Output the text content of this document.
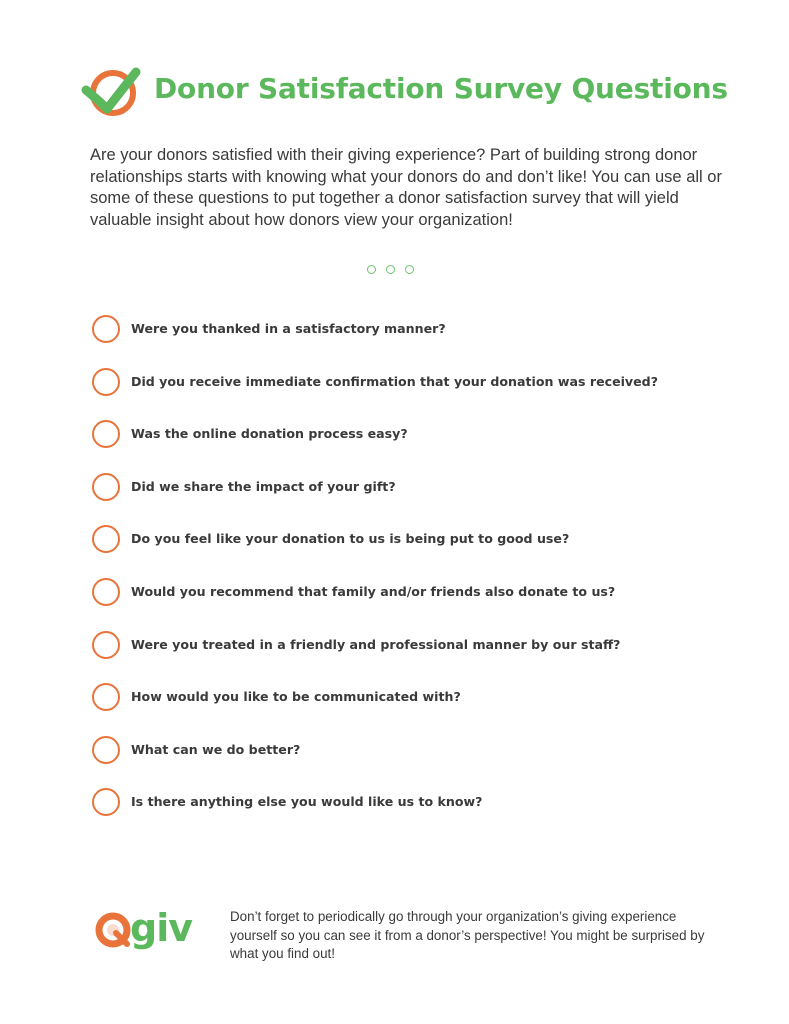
Donor Satisfaction Survey Questions

Are your donors satisfied with their giving experience? Part of building strong donor relationships starts with knowing what your donors do and don’t like! You can use all or some of these questions to put together a donor satisfaction survey that will yield valuable insight about how donors view your organization!

Were you thanked in a satisfactory manner?
Did you receive immediate confirmation that your donation was received?
Was the online donation process easy?
Did we share the impact of your gift?
Do you feel like your donation to us is being put to good use?
Would you recommend that family and/or friends also donate to us?
Were you treated in a friendly and professional manner by our staff?
How would you like to be communicated with?
What can we do better?
Is there anything else you would like us to know?
giv	Don’t forget to periodically go through your organization’s giving experience yourself so you can see it from a donor’s perspective! You might be surprised by what you find out!
